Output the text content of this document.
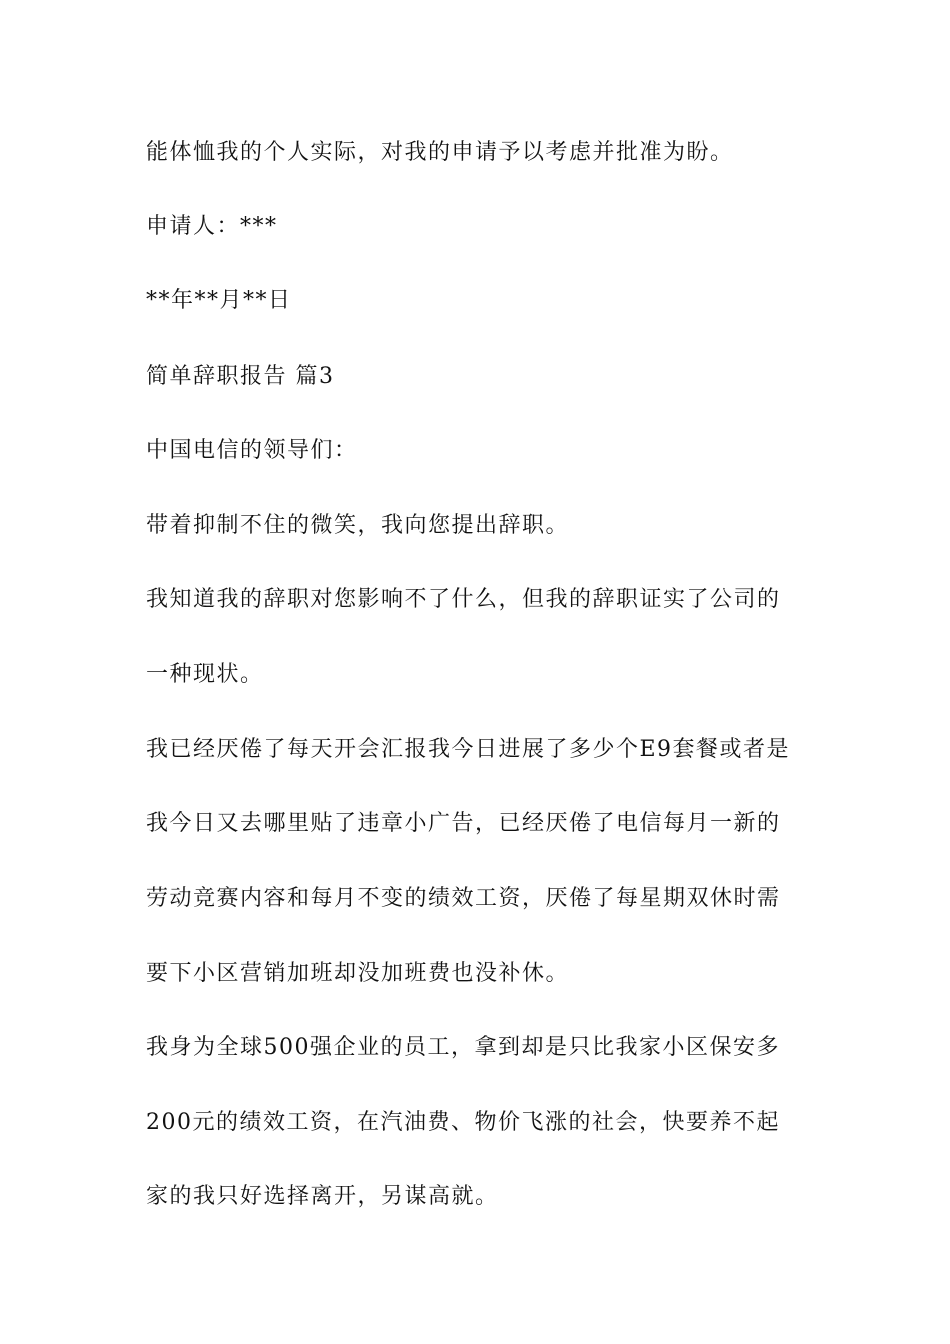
能体恤我的个人实际，对我的申请予以考虑并批准为盼。
申请人：***
**年**月**日
简单辞职报告 篇3
中国电信的领导们：
带着抑制不住的微笑，我向您提出辞职。
我知道我的辞职对您影响不了什么，但我的辞职证实了公司的
一种现状。
我已经厌倦了每天开会汇报我今日进展了多少个E9套餐或者是
我今日又去哪里贴了违章小广告，已经厌倦了电信每月一新的
劳动竞赛内容和每月不变的绩效工资，厌倦了每星期双休时需
要下小区营销加班却没加班费也没补休。
我身为全球500强企业的员工，拿到却是只比我家小区保安多
200元的绩效工资，在汽油费、物价飞涨的社会，快要养不起
家的我只好选择离开，另谋高就。
